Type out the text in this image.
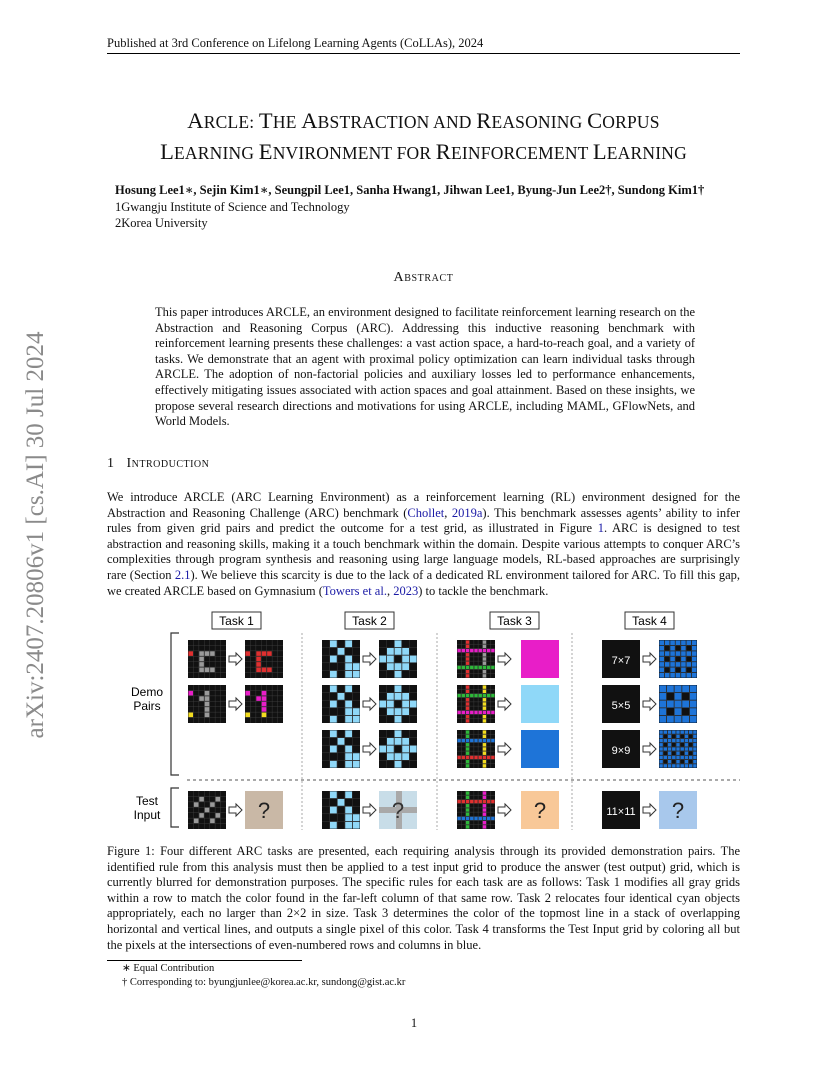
Published at 3rd Conference on Lifelong Learning Agents (CoLLAs), 2024
arXiv:2407.20806v1 [cs.AI] 30 Jul 2024
ARCLE: THE ABSTRACTION AND REASONING CORPUS
LEARNING ENVIRONMENT FOR REINFORCEMENT LEARNING
Hosung Lee1∗, Sejin Kim1∗, Seungpil Lee1, Sanha Hwang1, Jihwan Lee1, Byung-Jun Lee2†, Sundong Kim1†
1Gwangju Institute of Science and Technology
2Korea University
Abstract
This paper introduces ARCLE, an environment designed to facilitate reinforcement learning research on the Abstraction and Reasoning Corpus (ARC). Addressing this inductive reasoning benchmark with reinforcement learning presents these challenges: a vast action space, a hard-to-reach goal, and a variety of tasks. We demonstrate that an agent with proximal policy optimization can learn individual tasks through ARCLE. The adoption of non-factorial policies and auxiliary losses led to performance enhancements, effectively mitigating issues associated with action spaces and goal attainment. Based on these insights, we propose several research directions and motivations for using ARCLE, including MAML, GFlowNets, and World Models.
1 Introduction
We introduce ARCLE (ARC Learning Environment) as a reinforcement learning (RL) environment designed for the Abstraction and Reasoning Challenge (ARC) benchmark (Chollet, 2019a). This benchmark assesses agents’ ability to infer rules from given grid pairs and predict the outcome for a test grid, as illustrated in Figure 1. ARC is designed to test abstraction and reasoning skills, making it a touch benchmark within the domain. Despite various attempts to conquer ARC’s complexities through program synthesis and reasoning using large language models, RL-based approaches are surprisingly rare (Section 2.1). We believe this scarcity is due to the lack of a dedicated RL environment tailored for ARC. To fill this gap, we created ARCLE based on Gymnasium (Towers et al., 2023) to tackle the benchmark.
Task 1	Task 2	Task 3	Task 4
Demo
Pairs
Test
Input	?	?	?
7×7
5×5
9×9
11×11 ?
Figure 1: Four different ARC tasks are presented, each requiring analysis through its provided demonstration pairs. The identified rule from this analysis must then be applied to a test input grid to produce the answer (test output) grid, which is currently blurred for demonstration purposes. The specific rules for each task are as follows: Task 1 modifies all gray grids within a row to match the color found in the far-left column of that same row. Task 2 relocates four identical cyan objects appropriately, each no larger than 2×2 in size. Task 3 determines the color of the topmost line in a stack of overlapping horizontal and vertical lines, and outputs a single pixel of this color. Task 4 transforms the Test Input grid by coloring all but the pixels at the intersections of even-numbered rows and columns in blue.
∗ Equal Contribution
† Corresponding to: byungjunlee@korea.ac.kr, sundong@gist.ac.kr
1
